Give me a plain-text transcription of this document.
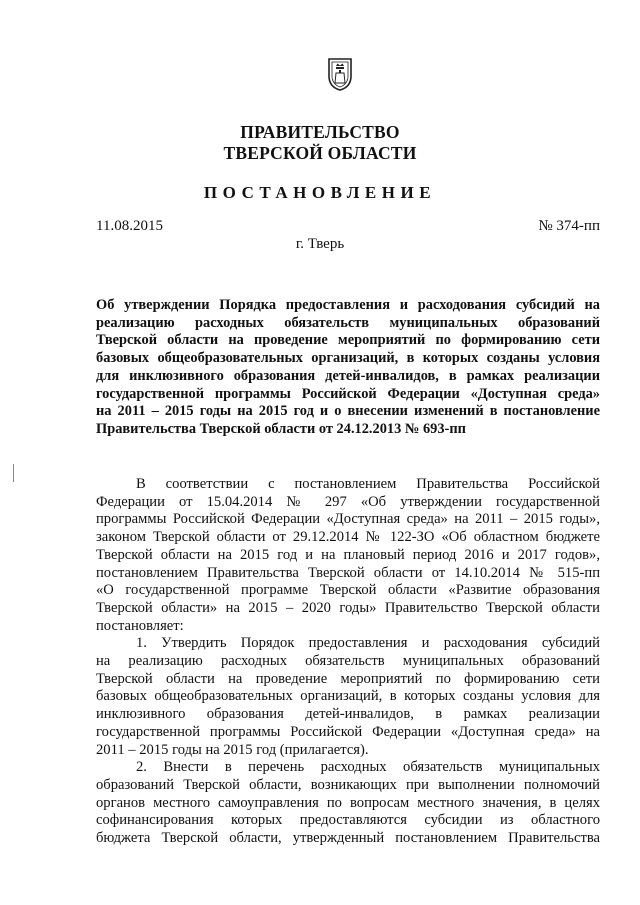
ПРАВИТЕЛЬСТВО
ТВЕРСКОЙ ОБЛАСТИ
ПОСТАНОВЛЕНИЕ
11.08.2015	№ 374-пп
г. Тверь
Об утверждении Порядка предоставления и расходования субсидий на
реализацию расходных обязательств муниципальных образований
Тверской области на проведение мероприятий по формированию сети
базовых общеобразовательных организаций, в которых созданы условия
для инклюзивного образования детей-инвалидов, в рамках реализации
государственной программы Российской Федерации «Доступная среда»
на 2011 – 2015 годы на 2015 год и о внесении изменений в постановление
Правительства Тверской области от 24.12.2013 № 693-пп
В соответствии с постановлением Правительства Российской
Федерации от 15.04.2014 № 297 «Об утверждении государственной
программы Российской Федерации «Доступная среда» на 2011 – 2015 годы»,
законом Тверской области от 29.12.2014 № 122-ЗО «Об областном бюджете
Тверской области на 2015 год и на плановый период 2016 и 2017 годов»,
постановлением Правительства Тверской области от 14.10.2014 № 515-пп
«О государственной программе Тверской области «Развитие образования
Тверской области» на 2015 – 2020 годы» Правительство Тверской области
постановляет:
1. Утвердить Порядок предоставления и расходования субсидий
на реализацию расходных обязательств муниципальных образований
Тверской области на проведение мероприятий по формированию сети
базовых общеобразовательных организаций, в которых созданы условия для
инклюзивного образования детей-инвалидов, в рамках реализации
государственной программы Российской Федерации «Доступная среда» на
2011 – 2015 годы на 2015 год (прилагается).
2. Внести в перечень расходных обязательств муниципальных
образований Тверской области, возникающих при выполнении полномочий
органов местного самоуправления по вопросам местного значения, в целях
софинансирования которых предоставляются субсидии из областного
бюджета Тверской области, утвержденный постановлением Правительства
